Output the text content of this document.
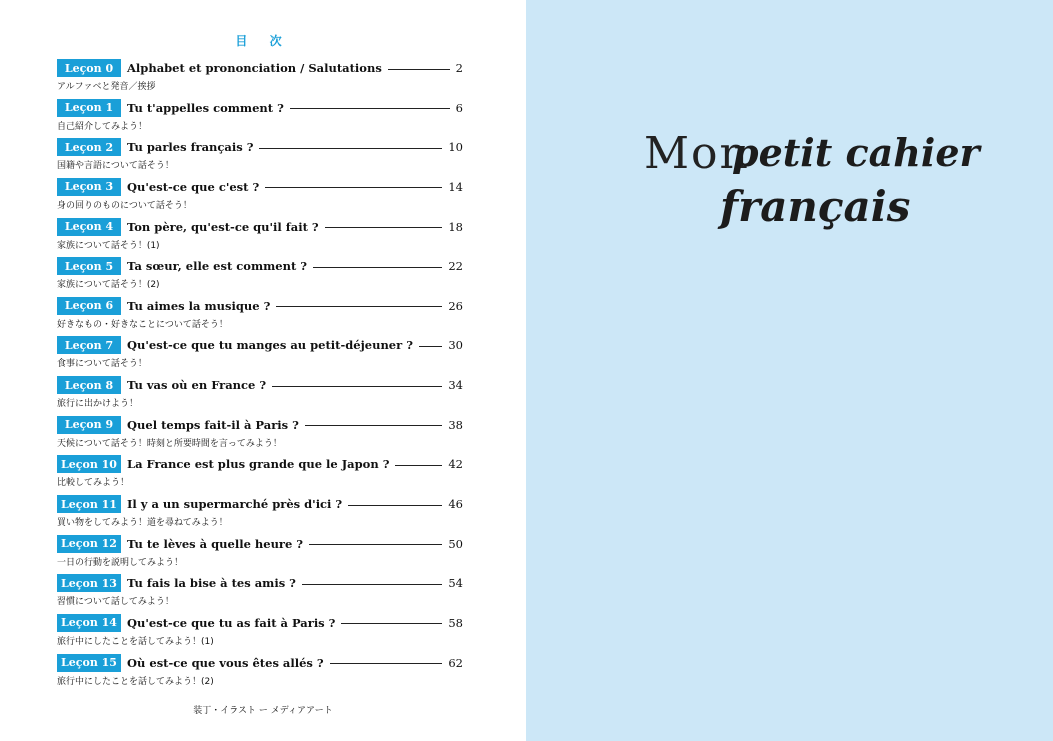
目 次
Leçon 0	Alphabet et prononciation / Salutations	2
アルファベと発音／挨拶
Leçon 1	Tu t'appelles comment ?	6
自己紹介してみよう！
Leçon 2	Tu parles français ?	10
国籍や言語について話そう！
Leçon 3	Qu'est-ce que c'est ?	14
身の回りのものについて話そう！
Leçon 4	Ton père, qu'est-ce qu'il fait ?	18
家族について話そう！(1)
Leçon 5	Ta sœur, elle est comment ?	22
家族について話そう！(2)
Leçon 6	Tu aimes la musique ?	26
好きなもの・好きなことについて話そう！
Leçon 7	Qu'est-ce que tu manges au petit-déjeuner ?	30
食事について話そう！
Leçon 8	Tu vas où en France ?	34
旅行に出かけよう！
Leçon 9	Quel temps fait-il à Paris ?	38
天候について話そう！時刻と所要時間を言ってみよう！
Leçon 10 La France est plus grande que le Japon ?	42
比較してみよう！
Leçon 11 Il y a un supermarché près d'ici ?	46
買い物をしてみよう！道を尋ねてみよう！
Leçon 12 Tu te lèves à quelle heure ?	50
一日の行動を説明してみよう！
Leçon 13 Tu fais la bise à tes amis ?	54
習慣について話してみよう！
Leçon 14 Qu'est-ce que tu as fait à Paris ?	58
旅行中にしたことを話してみよう！(1)
Leçon 15 Où est-ce que vous êtes allés ?	62
旅行中にしたことを話してみよう！(2)
装丁・イラスト ー メディアアート
Mon
petit cahier
français
